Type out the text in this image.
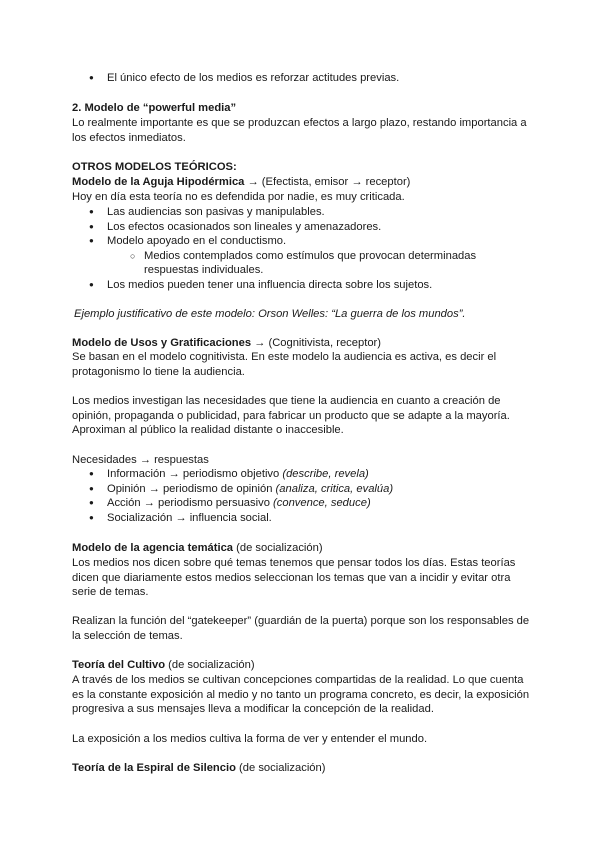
● El único efecto de los medios es reforzar actitudes previas.

2. Modelo de “powerful media”

Lo realmente importante es que se produzcan efectos a largo plazo, restando importancia a los efectos inmediatos.

OTROS MODELOS TEÓRICOS:

Modelo de la Aguja Hipodérmica → (Efectista, emisor → receptor)

Hoy en día esta teoría no es defendida por nadie, es muy criticada.

● Las audiencias son pasivas y manipulables.
● Los efectos ocasionados son lineales y amenazadores.
● Modelo apoyado en el conductismo.
○ Medios contemplados como estímulos que provocan determinadas respuestas individuales.
● Los medios pueden tener una influencia directa sobre los sujetos.

Ejemplo justificativo de este modelo: Orson Welles: “La guerra de los mundos”.

Modelo de Usos y Gratificaciones → (Cognitivista, receptor)

Se basan en el modelo cognitivista. En este modelo la audiencia es activa, es decir el protagonismo lo tiene la audiencia.

Los medios investigan las necesidades que tiene la audiencia en cuanto a creación de opinión, propaganda o publicidad, para fabricar un producto que se adapte a la mayoría. Aproximan al público la realidad distante o inaccesible.

Necesidades → respuestas

● Información → periodismo objetivo (describe, revela)
● Opinión → periodismo de opinión (analiza, critica, evalúa)
● Acción → periodismo persuasivo (convence, seduce)
● Socialización → influencia social.

Modelo de la agencia temática (de socialización)

Los medios nos dicen sobre qué temas tenemos que pensar todos los días. Estas teorías dicen que diariamente estos medios seleccionan los temas que van a incidir y evitar otra serie de temas.

Realizan la función del “gatekeeper” (guardián de la puerta) porque son los responsables de la selección de temas.

Teoría del Cultivo (de socialización)

A través de los medios se cultivan concepciones compartidas de la realidad. Lo que cuenta es la constante exposición al medio y no tanto un programa concreto, es decir, la exposición progresiva a sus mensajes lleva a modificar la concepción de la realidad.

La exposición a los medios cultiva la forma de ver y entender el mundo.

Teoría de la Espiral de Silencio (de socialización)
